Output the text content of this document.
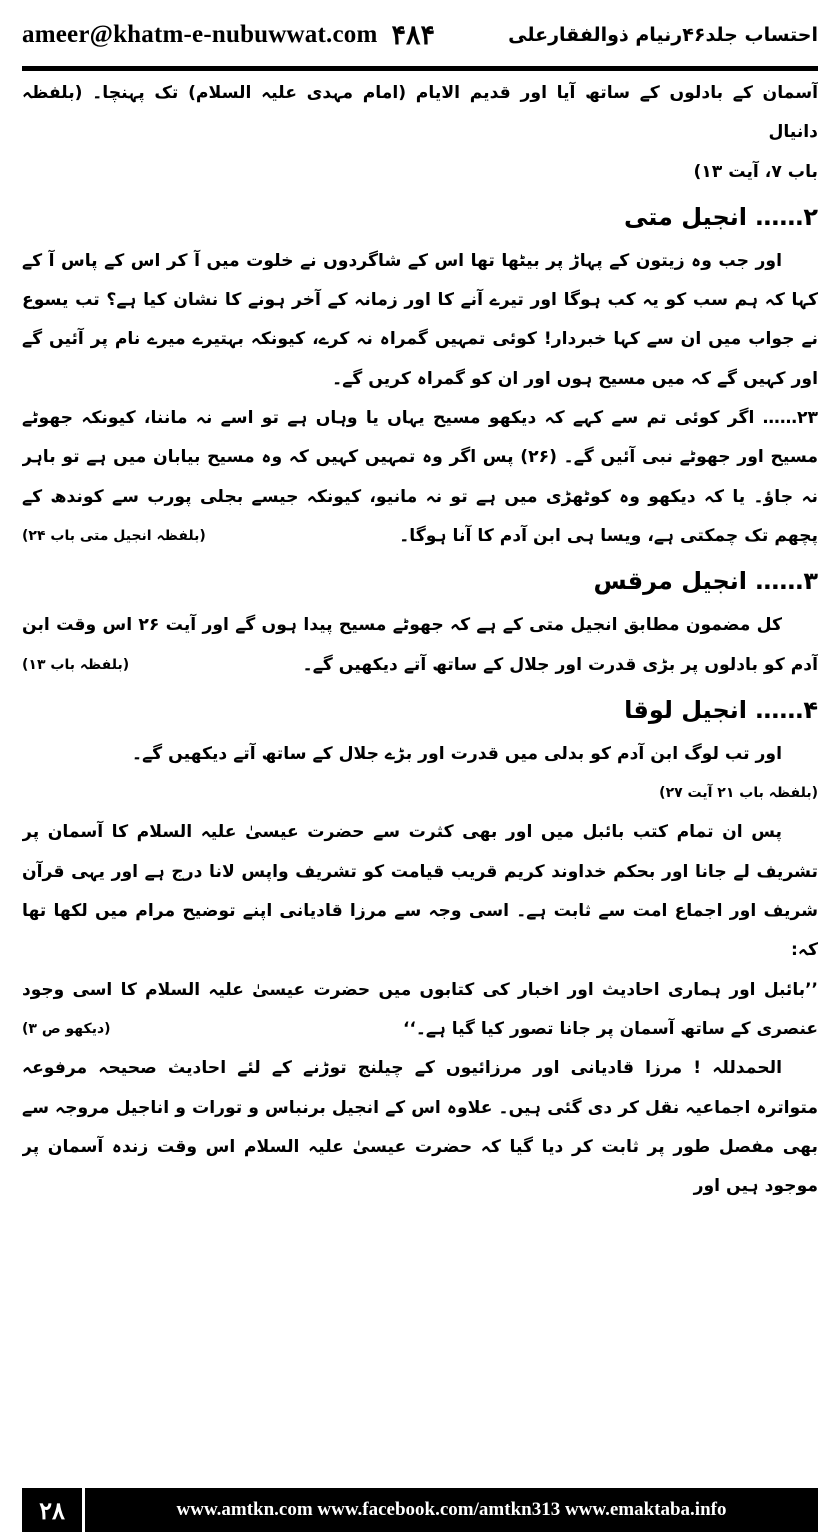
ameer@khatm-e-nubuwwat.com ۴۸۴	احتساب جلد۴۶رنیام ذوالفقارعلی

آسمان کے بادلوں کے ساتھ آیا اور قدیم الایام (امام مہدی علیہ السلام) تک پہنچا۔ (بلفظہ دانیال

باب ۷، آیت ۱۳)

۲…… انجیل متی

اور جب وہ زیتون کے پہاڑ پر بیٹھا تھا اس کے شاگردوں نے خلوت میں آ کر اس کے پاس آ کے کہا کہ ہم سب کو یہ کب ہوگا اور تیرے آنے کا اور زمانہ کے آخر ہونے کا نشان کیا ہے؟ تب یسوع نے جواب میں ان سے کہا خبردار! کوئی تمہیں گمراہ نہ کرے، کیونکہ بہتیرے میرے نام پر آئیں گے اور کہیں گے کہ میں مسیح ہوں اور ان کو گمراہ کریں گے۔

۲۳…… اگر کوئی تم سے کہے کہ دیکھو مسیح یہاں یا وہاں ہے تو اسے نہ ماننا، کیونکہ جھوٹے مسیح اور جھوٹے نبی آئیں گے۔ (۲۶) پس اگر وہ تمہیں کہیں کہ وہ مسیح بیابان میں ہے تو باہر نہ جاؤ۔ یا کہ دیکھو وہ کوٹھڑی میں ہے تو نہ مانیو، کیونکہ جیسے بجلی پورب سے کوندھ کے پچھم تک چمکتی ہے، ویسا ہی ابن آدم کا آنا ہوگا۔
(بلفظہ انجیل متی باب ۲۴)

۳…… انجیل مرقس

کل مضمون مطابق انجیل متی کے ہے کہ جھوٹے مسیح پیدا ہوں گے اور آیت ۲۶ اس وقت ابن آدم کو بادلوں پر بڑی قدرت اور جلال کے ساتھ آتے دیکھیں گے۔
(بلفظہ باب ۱۳)

۴…… انجیل لوقا

اور تب لوگ ابن آدم کو بدلی میں قدرت اور بڑے جلال کے ساتھ آتے دیکھیں گے۔

(بلفظہ باب ۲۱ آیت ۲۷)

پس ان تمام کتب بائبل میں اور بھی کثرت سے حضرت عیسیٰ علیہ السلام کا آسمان پر تشریف لے جانا اور بحکم خداوند کریم قریب قیامت کو تشریف واپس لانا درج ہے اور یہی قرآن شریف اور اجماع امت سے ثابت ہے۔ اسی وجہ سے مرزا قادیانی اپنے توضیح مرام میں لکھا تھا کہ:

’’بائبل اور ہماری احادیث اور اخبار کی کتابوں میں حضرت عیسیٰ علیہ السلام کا اسی وجود عنصری کے ساتھ آسمان پر جانا تصور کیا گیا ہے۔‘‘
(دیکھو ص ۳)

الحمدللہ ! مرزا قادیانی اور مرزائیوں کے چیلنج توڑنے کے لئے احادیث صحیحہ مرفوعہ متواترہ اجماعیہ نقل کر دی گئی ہیں۔ علاوہ اس کے انجیل برنباس و تورات و اناجیل مروجہ سے بھی مفصل طور پر ثابت کر دیا گیا کہ حضرت عیسیٰ علیہ السلام اس وقت زندہ آسمان پر موجود ہیں اور

۲۸	www.amtkn.com www.facebook.com/amtkn313 www.emaktaba.info
